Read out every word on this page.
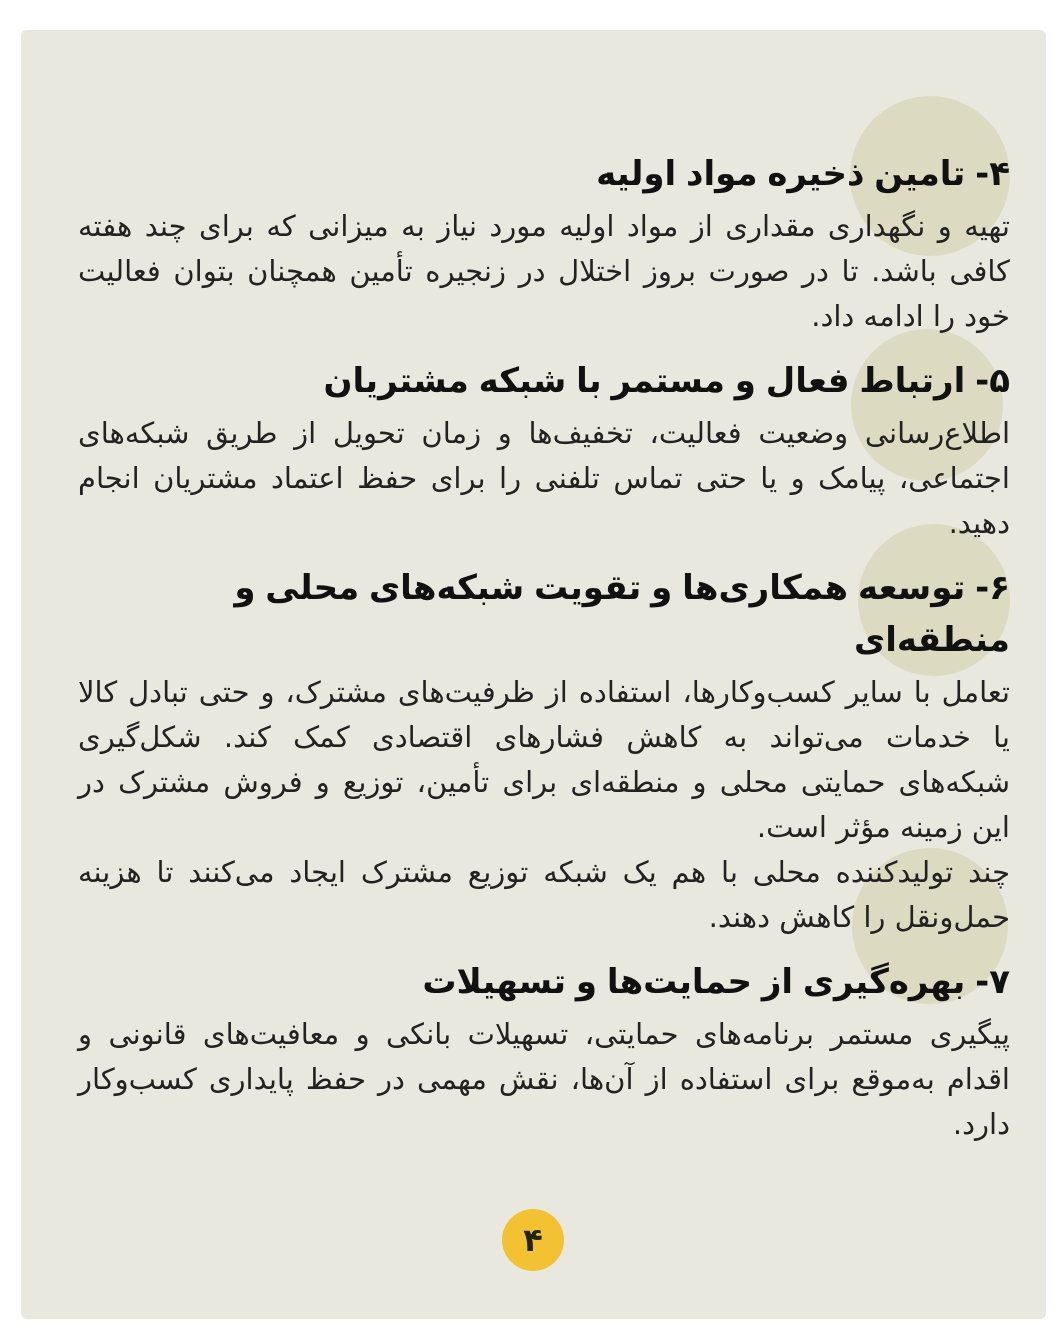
۴- تامین ذخیره مواد اولیه

تهیه و نگهداری مقداری از مواد اولیه مورد نیاز به میزانی که برای چند هفته کافی باشد. تا در صورت بروز اختلال در زنجیره تأمین همچنان بتوان فعالیت خود را ادامه داد.

۵- ارتباط فعال و مستمر با شبکه مشتریان

اطلاع‌رسانی وضعیت فعالیت، تخفیف‌ها و زمان تحویل از طریق شبکه‌های اجتماعی، پیامک و یا حتی تماس تلفنی را برای حفظ اعتماد مشتریان انجام دهید.

۶- توسعه همکاری‌ها و تقویت شبکه‌های محلی و منطقه‌ای

تعامل با سایر کسب‌وکارها، استفاده از ظرفیت‌های مشترک، و حتی تبادل کالا یا خدمات می‌تواند به کاهش فشارهای اقتصادی کمک کند. شکل‌گیری شبکه‌های حمایتی محلی و منطقه‌ای برای تأمین، توزیع و فروش مشترک در این زمینه مؤثر است.

چند تولیدکننده محلی با هم یک شبکه توزیع مشترک ایجاد می‌کنند تا هزینه حمل‌ونقل را کاهش دهند.

۷- بهره‌گیری از حمایت‌ها و تسهیلات

پیگیری مستمر برنامه‌های حمایتی، تسهیلات بانکی و معافیت‌های قانونی و اقدام به‌موقع برای استفاده از آن‌ها، نقش مهمی در حفظ پایداری کسب‌وکار دارد.

۴
